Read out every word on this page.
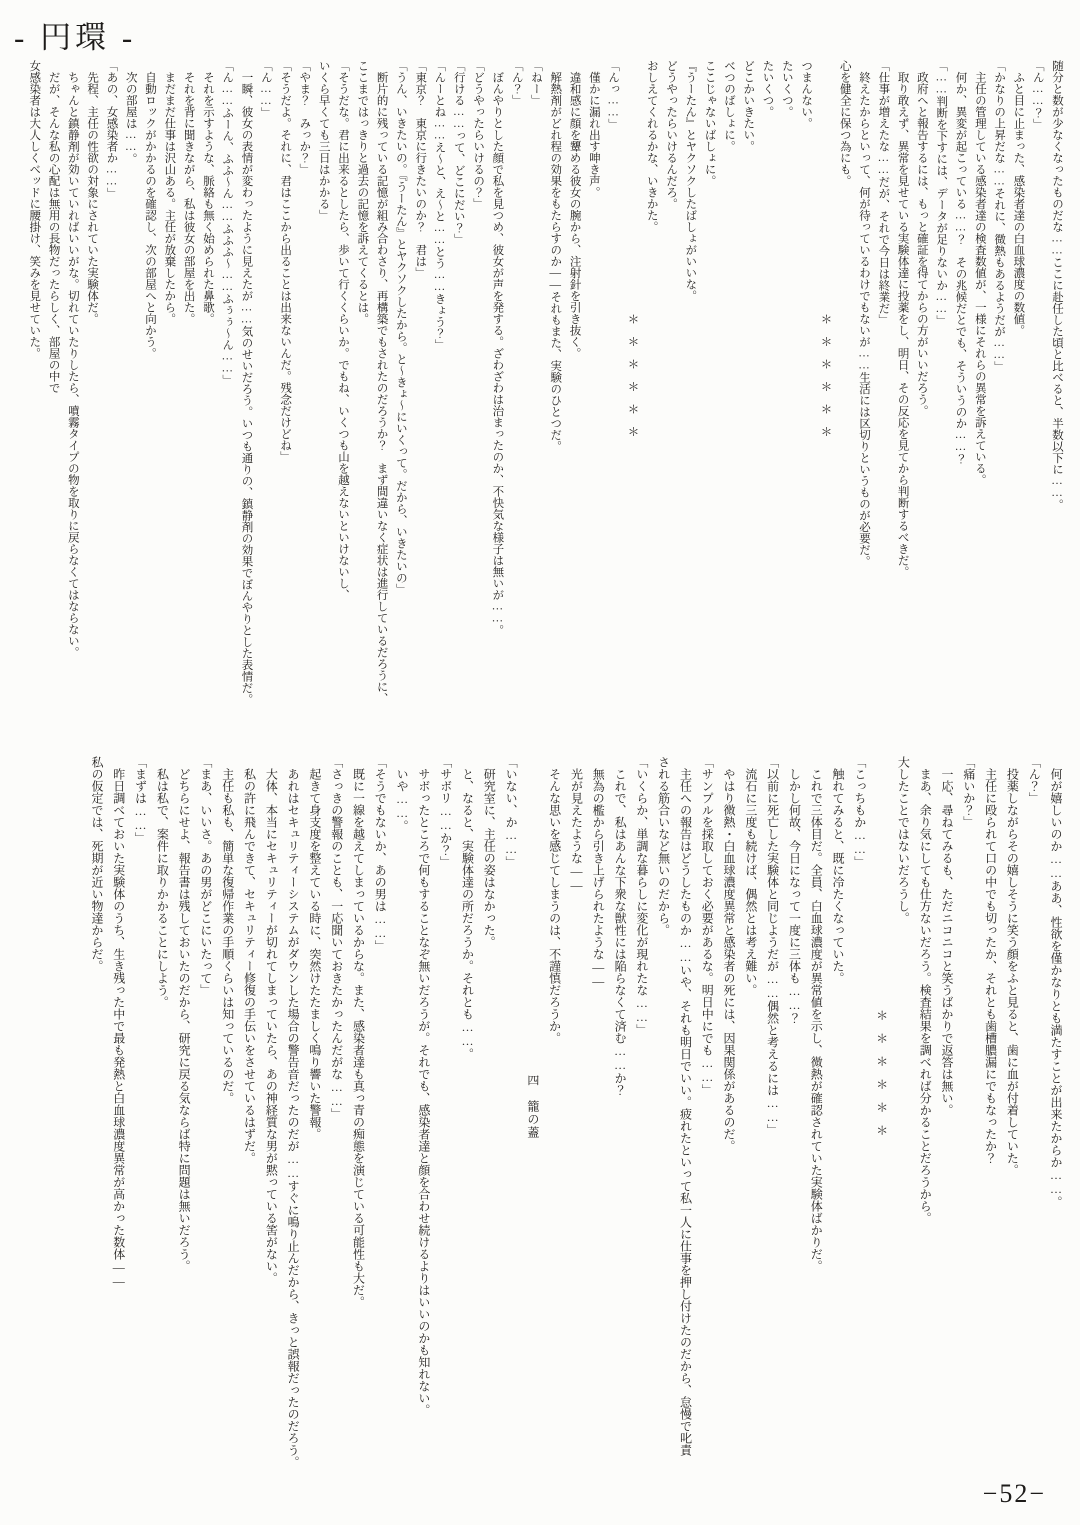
- 円環 -

随分と数が少なくなったものだな……ここに赴任した頃と比べると、半数以下に……。

「ん……？」

　ふと目に止まった、感染者達の白血球濃度の数値。

「かなりの上昇だな……それに、微熱もあるようだが……」

　主任の管理している感染者達の検査数値が、一様にそれらの異常を訴えている。

　何か、異変が起こっている……？　その兆候だとでも、そういうのか……？

「……判断を下すには、データが足りないか……」

　政府へと報告するには、もっと確証を得てからの方がいいだろう。

　取り敢えず、異常を見せている実験体達に投薬をし、明日、その反応を見てから判断するべきだ。

「仕事が増えたな……だが、それで今日は終業だ」

　終えたからといって、何が待っているわけでもないが……生活には区切りというものが必要だ。

心を健全に保つ為にも。

＊＊＊＊＊＊

つまんない。

たいくつ。

たいくつ。

どこかいきたい。

べつのばしょに。

ここじゃないばしょに。

『うーたん』とヤクソクしたばしょがいいな。

どうやったらいけるんだろ。

おしえてくれるかな、いきかた。

＊＊＊＊＊＊

「んっ……」

　僅かに漏れ出す呻き声。

　違和感に顔を顰める彼女の腕から、注射針を引き抜く。

　解熱剤がどれ程の効果をもたらすのか――それもまた、実験のひとつだ。

「ねー」

「ん？」

　ぼんやりとした顔で私を見つめ、彼女が声を発する。ざわざわは治まったのか、不快気な様子は無いが……。

「どうやったらいけるの？」

「行ける……って、どこにだい？」

「んーとね……え〜と、え〜と……とう……きょう？」

「東京？　東京に行きたいのか？　君は」

「うん、いきたいの。『うーたん』とヤクソクしたから。と〜きょ〜にいくって。だから、いきたいの」

　断片的に残っている記憶が組み合わさり、再構築でもされたのだろうか？　まず間違いなく症状は進行しているだろうに、

ここまではっきりと過去の記憶を訴えてくるとは。

「そうだな。君に出来るとしたら、歩いて行くくらいか。でもね、いくつも山を越えないといけないし、

いくら早くても三日はかかる」

「やま？　みっか？」

「そうだよ。それに、君はここから出ることは出来ないんだ。残念だけどね」

「ん……」

　一瞬、彼女の表情が変わったように見えたが……気のせいだろう。いつも通りの、鎮静剤の効果でぼんやりとした表情だ。

「ん……ふーん、ふふ〜ん……ふふふ〜……ふぅぅ〜ん……」

　それを示すような、脈絡も無く始められた鼻歌。

　それを背に聞きながら、私は彼女の部屋を出た。

　まだまだ仕事は沢山ある。主任が放棄したから。

　自動ロックがかかるのを確認し、次の部屋へと向かう。

　次の部屋は……。

「あの、女感染者か……」

　先程、主任の性欲の対象にされていた実験体だ。

　ちゃんと鎮静剤が効いていればいいがな。切れていたりしたら、噴霧タイプの物を取りに戻らなくてはならない。

　だが、そんな私の心配は無用の長物だったらしく、部屋の中で

女感染者は大人しくベッドに腰掛け、笑みを見せていた。

　何が嬉しいのか……ああ、性欲を僅かなりとも満たすことが出来たからか……。

「ん？」

　投薬しながらその嬉しそうに笑う顔をふと見ると、歯に血が付着していた。

　主任に殴られて口の中でも切ったか、それとも歯槽膿漏にでもなったか？

「痛いか？」

　一応、尋ねてみるも、ただニコニコと笑うばかりで返答は無い。

　まあ、余り気にしても仕方ないだろう。検査結果を調べれば分かることだろうから。

大したことではないだろうし。

＊＊＊＊＊＊

「こっちもか……」

　触れてみると、既に冷たくなっていた。

　これで三体目だ。全員、白血球濃度が異常値を示し、微熱が確認されていた実験体ばかりだ。

　しかし何故、今日になって一度に三体も……？

「以前に死亡した実験体と同じようだが……偶然と考えるには……」

　流石に三度も続けば、偶然とは考え難い。

　やはり微熱・白血球濃度異常と感染者の死には、因果関係があるのだ。

「サンプルを採取しておく必要があるな。明日中にでも……」

　主任への報告はどうしたものか……いや、それも明日でいい。疲れたといって私一人に仕事を押し付けたのだから、怠慢で叱責

される筋合いなど無いのだから。

「いくらか、単調な暮らしに変化が現れたな……」

　これで、私はあんな下衆な獣性には陥らなくて済む……か？

　無為の檻から引き上げられたような――

　光が見えたような――

　そんな思いを感じてしまうのは、不謹慎だろうか。

四　籠の蓋

「いない、か……」

　研究室に、主任の姿はなかった。

　と、なると、実験体達の所だろうか。それとも……。

「サボリ……か？」

　サボったところで何もすることなぞ無いだろうが。それでも、感染者達と顔を合わせ続けるよりはいいのかも知れない。

　いや……。

「そうでもないか、あの男は……」

　既に一線を越えてしまっているからな。また、感染者達も真っ青の痴態を演じている可能性も大だ。

「さっきの警報のことも、一応聞いておきたかったんだがな……」

　起きて身支度を整えている時に、突然けたたましく鳴り響いた警報。

　あれはセキュリティーシステムがダウンした場合の警告音だったのだが……すぐに鳴り止んだから、きっと誤報だったのだろう。

　大体、本当にセキュリティーが切れてしまっていたら、あの神経質な男が黙っている筈がない。

　私の許に飛んできて、セキュリティー修復の手伝いをさせているはずだ。

　主任も私も、簡単な復帰作業の手順くらいは知っているのだ。

「まあ、いいさ。あの男がどこにいたって」

　どちらにせよ、報告書は残しておいたのだから、研究に戻る気ならば特に問題は無いだろう。

　私は私で、案件に取りかかることにしよう。

「まずは……」

　昨日調べておいた実験体のうち、生き残った中で最も発熱と白血球濃度異常が高かった数体――

私の仮定では、死期が近い物達からだ。

−52−
